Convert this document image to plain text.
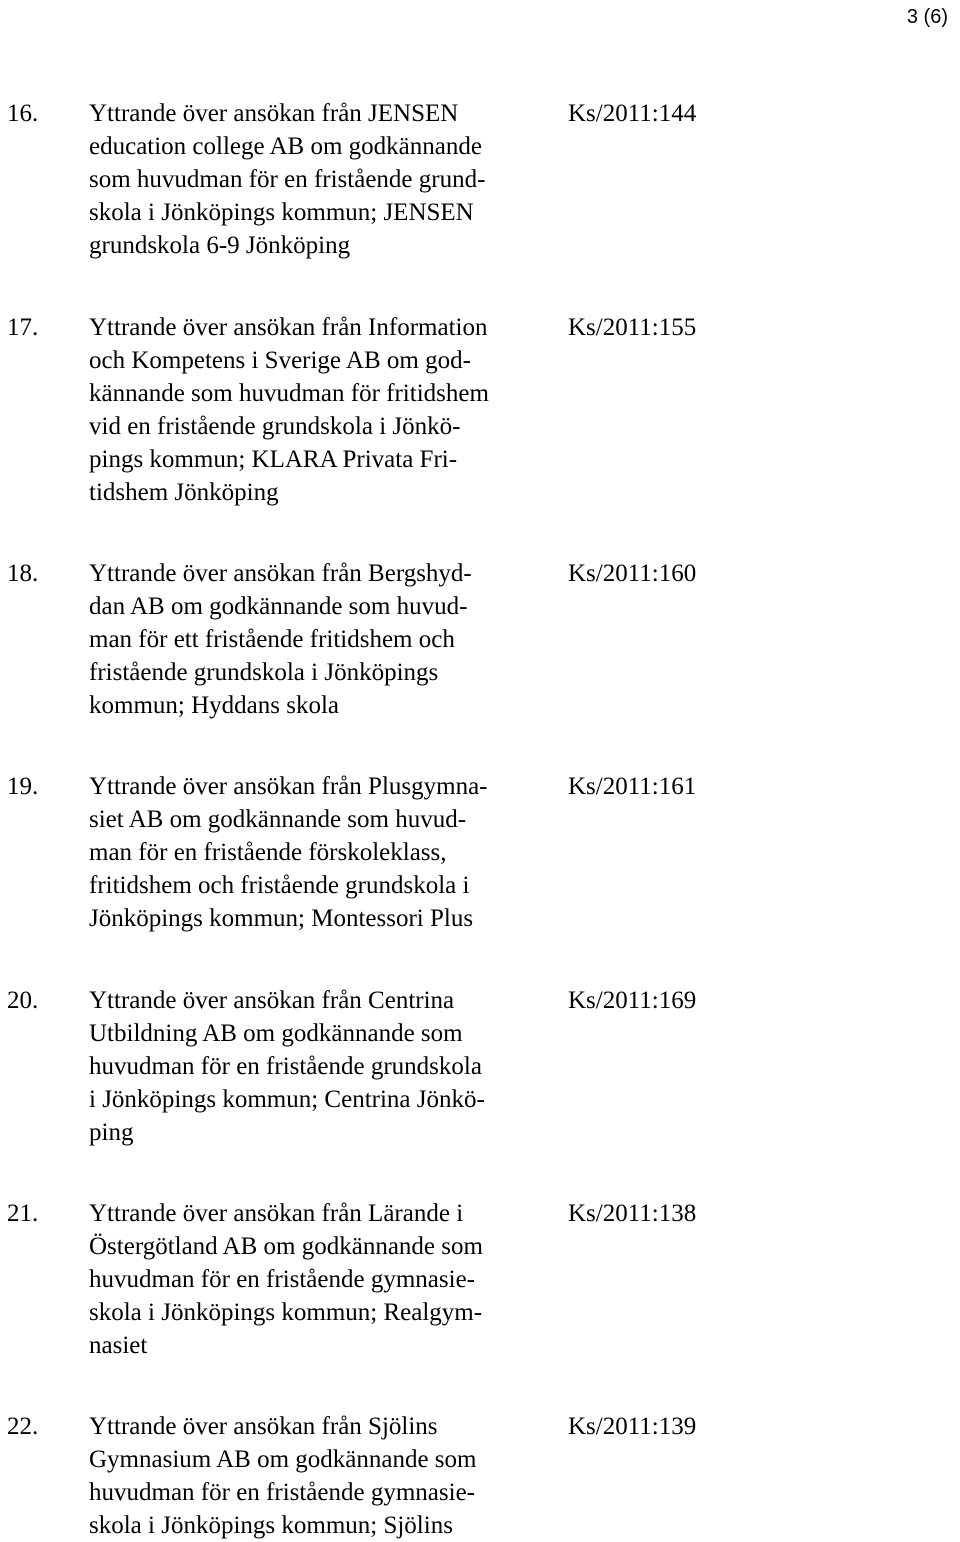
3 (6)
16. Yttrande över ansökan från JENSEN
education college AB om godkännande
som huvudman för en fristående grund-
skola i Jönköpings kommun; JENSEN
grundskola 6-9 Jönköping
Ks/2011:144
17. Yttrande över ansökan från Information
och Kompetens i Sverige AB om god-
kännande som huvudman för fritidshem
vid en fristående grundskola i Jönkö-
pings kommun; KLARA Privata Fri-
tidshem Jönköping
Ks/2011:155
18. Yttrande över ansökan från Bergshyd-
dan AB om godkännande som huvud-
man för ett fristående fritidshem och
fristående grundskola i Jönköpings
kommun; Hyddans skola
Ks/2011:160
19. Yttrande över ansökan från Plusgymna-
siet AB om godkännande som huvud-
man för en fristående förskoleklass,
fritidshem och fristående grundskola i
Jönköpings kommun; Montessori Plus
Ks/2011:161
20. Yttrande över ansökan från Centrina
Utbildning AB om godkännande som
huvudman för en fristående grundskola
i Jönköpings kommun; Centrina Jönkö-
ping
Ks/2011:169
21. Yttrande över ansökan från Lärande i
Östergötland AB om godkännande som
huvudman för en fristående gymnasie-
skola i Jönköpings kommun; Realgym-
nasiet
Ks/2011:138
22. Yttrande över ansökan från Sjölins
Gymnasium AB om godkännande som
huvudman för en fristående gymnasie-
skola i Jönköpings kommun; Sjölins
Ks/2011:139
